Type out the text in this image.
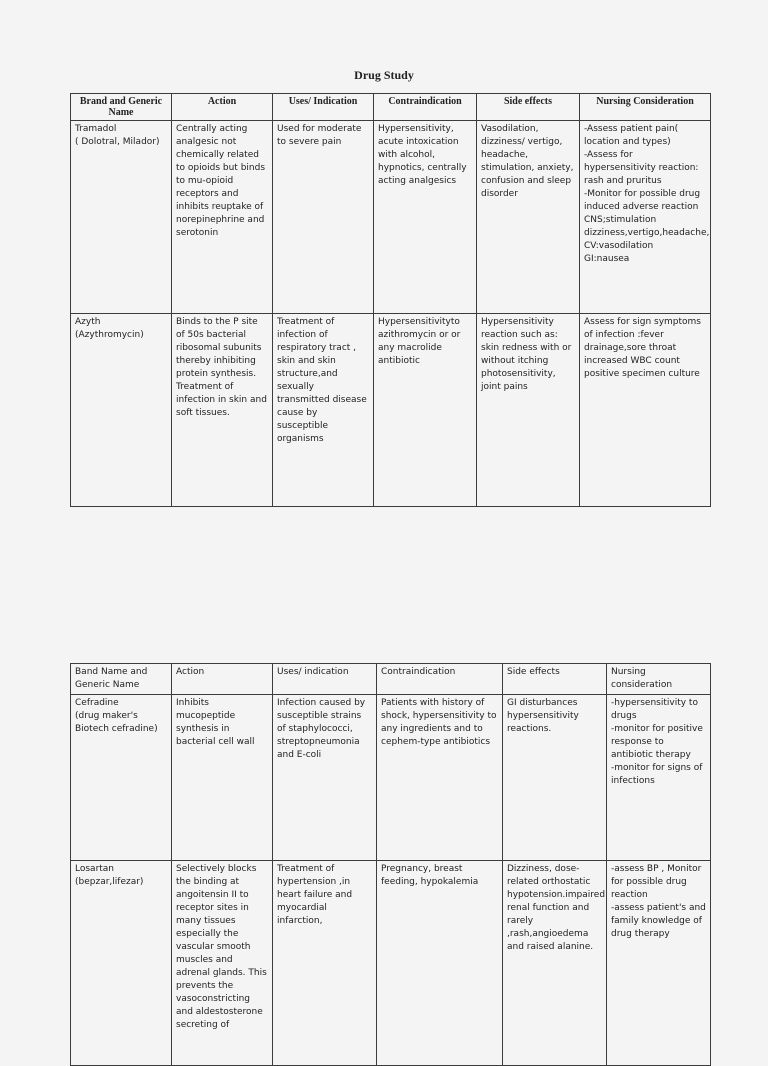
Drug Study
Brand and Generic Name	Action	Uses/ Indication	Contraindication	Side effects	Nursing Consideration
Tramadol
( Dolotral, Milador)	Centrally acting analgesic not chemically related to opioids but binds to mu-opioid receptors and inhibits reuptake of norepinephrine and serotonin	Used for moderate to severe pain	Hypersensitivity, acute intoxication with alcohol, hypnotics, centrally acting analgesics	Vasodilation, dizziness/ vertigo, headache, stimulation, anxiety, confusion and sleep disorder	-Assess patient pain( location and types)
-Assess for hypersensitivity reaction: rash and pruritus
-Monitor for possible drug induced adverse reaction CNS;stimulation dizziness,vertigo,headache,
CV:vasodilation
GI:nausea
Azyth
(Azythromycin)	Binds to the P site of 50s bacterial ribosomal subunits thereby inhibiting protein synthesis. Treatment of infection in skin and soft tissues.	Treatment of infection of respiratory tract , skin and skin structure,and sexually transmitted disease cause by susceptible organisms	Hypersensitivityto azithromycin or or any macrolide antibiotic	Hypersensitivity reaction such as: skin redness with or without itching photosensitivity, joint pains	Assess for sign symptoms of infection :fever drainage,sore throat increased WBC count positive specimen culture
Band Name and Generic Name	Action	Uses/ indication	Contraindication	Side effects	Nursing consideration
Cefradine
(drug maker's Biotech cefradine)	Inhibits mucopeptide synthesis in bacterial cell wall	Infection caused by susceptible strains of staphylococci, streptopneumonia and E-coli	Patients with history of shock, hypersensitivity to any ingredients and to cephem-type antibiotics	GI disturbances hypersensitivity reactions.	-hypersensitivity to drugs
-monitor for positive response to antibiotic therapy
-monitor for signs of infections
Losartan
(bepzar,lifezar)	Selectively blocks the binding at angoitensin II to receptor sites in many tissues especially the vascular smooth muscles and adrenal glands. This prevents the vasoconstricting and aldestosterone secreting of	Treatment of hypertension ,in heart failure and myocardial infarction,	Pregnancy, breast feeding, hypokalemia	Dizziness, dose-related orthostatic hypotension.impaired renal function and rarely
,rash,angioedema and raised alanine.	-assess BP , Monitor for possible drug reaction
-assess patient's and family knowledge of drug therapy
